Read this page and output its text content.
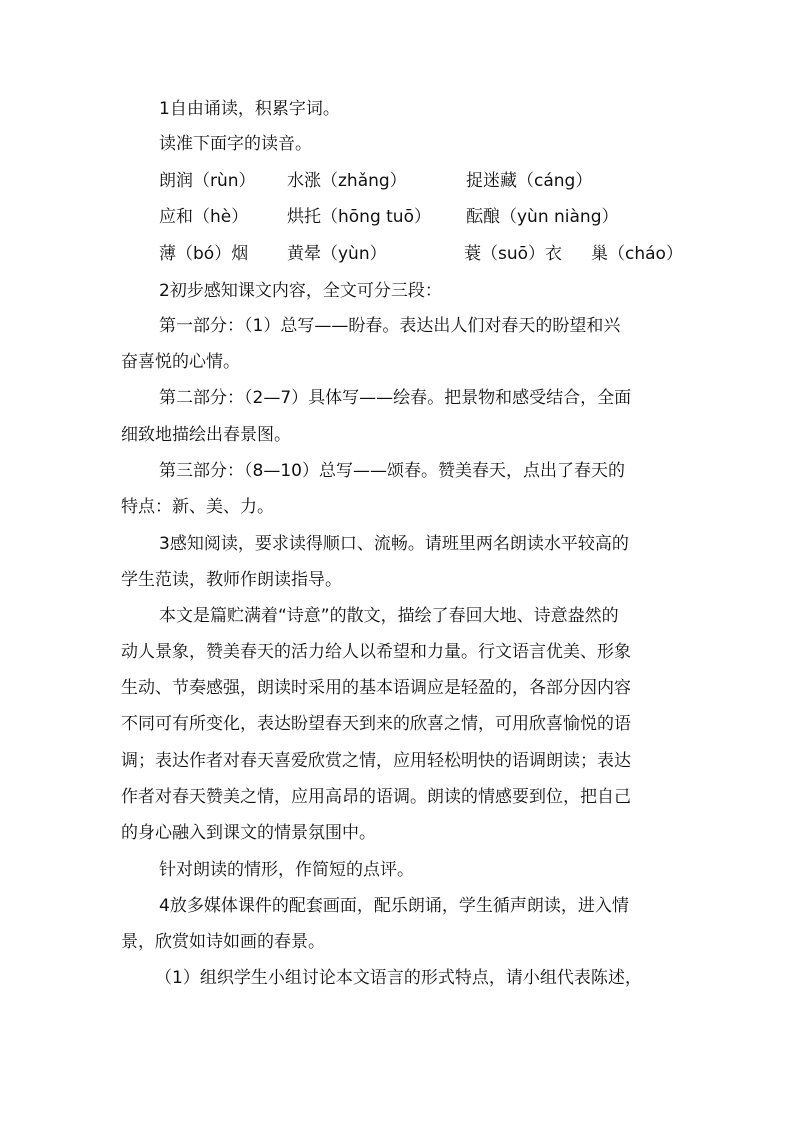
1自由诵读，积累字词。
读准下面字的读音。
朗润（rùn） 水涨（zhǎng）	捉迷藏（cáng）
应和（hè） 烘托（hōng tuō） 酝酿（yùn niàng）
薄（bó）烟 黄晕（yùn）	蓑（suō）衣 巢（cháo）
2初步感知课文内容，全文可分三段：
第一部分：（1）总写——盼春。表达出人们对春天的盼望和兴
奋喜悦的心情。
第二部分：（2—7）具体写——绘春。把景物和感受结合，全面
细致地描绘出春景图。
第三部分：（8—10）总写——颂春。赞美春天，点出了春天的
特点：新、美、力。
3感知阅读，要求读得顺口、流畅。请班里两名朗读水平较高的
学生范读，教师作朗读指导。
本文是篇贮满着“诗意”的散文，描绘了春回大地、诗意盎然的
动人景象，赞美春天的活力给人以希望和力量。行文语言优美、形象
生动、节奏感强，朗读时采用的基本语调应是轻盈的，各部分因内容
不同可有所变化，表达盼望春天到来的欣喜之情，可用欣喜愉悦的语
调；表达作者对春天喜爱欣赏之情，应用轻松明快的语调朗读；表达
作者对春天赞美之情，应用高昂的语调。朗读的情感要到位，把自己
的身心融入到课文的情景氛围中。
针对朗读的情形，作简短的点评。
4放多媒体课件的配套画面，配乐朗诵，学生循声朗读，进入情
景，欣赏如诗如画的春景。
（1）组织学生小组讨论本文语言的形式特点，请小组代表陈述，
